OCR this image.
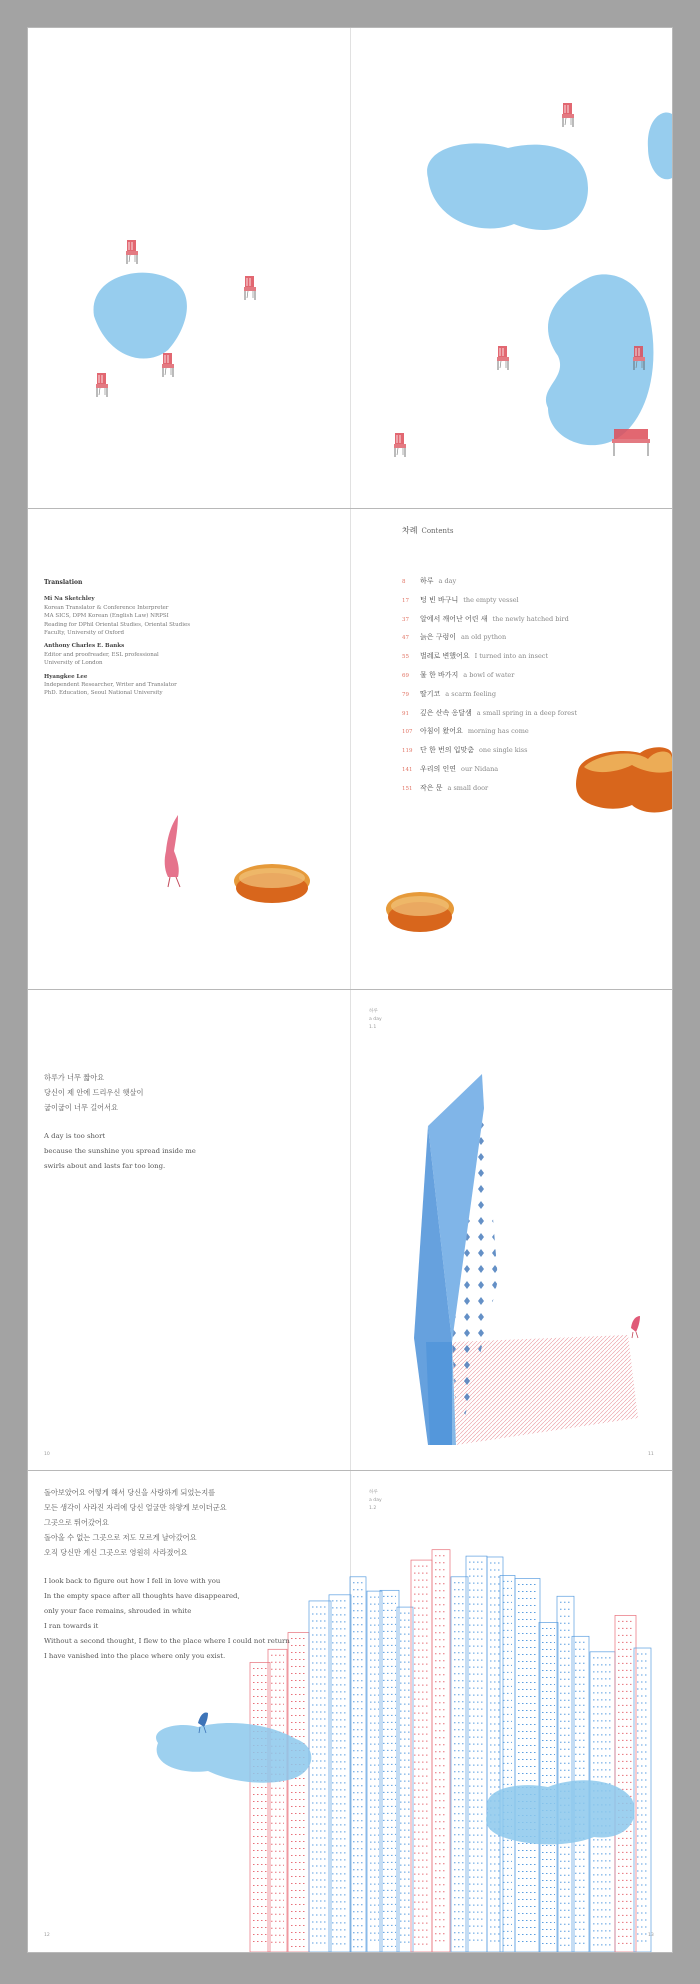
Translation
Mi Na Sketchley
Korean Translator & Conference Interpreter
MA SICS, DPM Korean (English Law) NRPSI
Reading for DPhil Oriental Studies, Oriental Studies
Faculty, University of Oxford
Anthony Charles E. Banks
Editor and proofreader, ESL professional
University of London
Hyangkee Lee
Independent Researcher, Writer and Translator
PhD. Education, Seoul National University
차례 Contents
8	하루 a day
17	텅 빈 바구니 the empty vessel
37	알에서 깨어난 어린 새 the newly hatched bird
47	늙은 구렁이 an old python
55	벌레로 변했어요 I turned into an insect
69	물 한 바가지 a bowl of water
79	딸기코 a scarm feeling
91	깊은 산속 옹달샘 a small spring in a deep forest
107	아침이 왔어요 morning has come
119	단 한 번의 입맞춤 one single kiss
141	우리의 인연 our Nidana
151	작은 문 a small door
하루가 너무 짧아요
당신이 제 안에 드리우신 햇살이
굽이굽이 너무 길어서요
A day is too short
because the sunshine you spread inside me
swirls about and lasts far too long.
하루
a day
1.1
10	11
돌아보았어요 어떻게 해서 당신을 사랑하게 되었는지를
모든 생각이 사라진 자리에 당신 얼굴만 하얗게 보이더군요
그곳으로 뛰어갔어요
돌아올 수 없는 그곳으로 저도 모르게 날아갔어요
오직 당신만 계신 그곳으로 영원히 사라졌어요
I look back to figure out how I fell in love with you
In the empty space after all thoughts have disappeared,
only your face remains, shrouded in white
I ran towards it
Without a second thought, I flew to the place where I could not return
I have vanished into the place where only you exist.
하루
a day
1.2
12	13
